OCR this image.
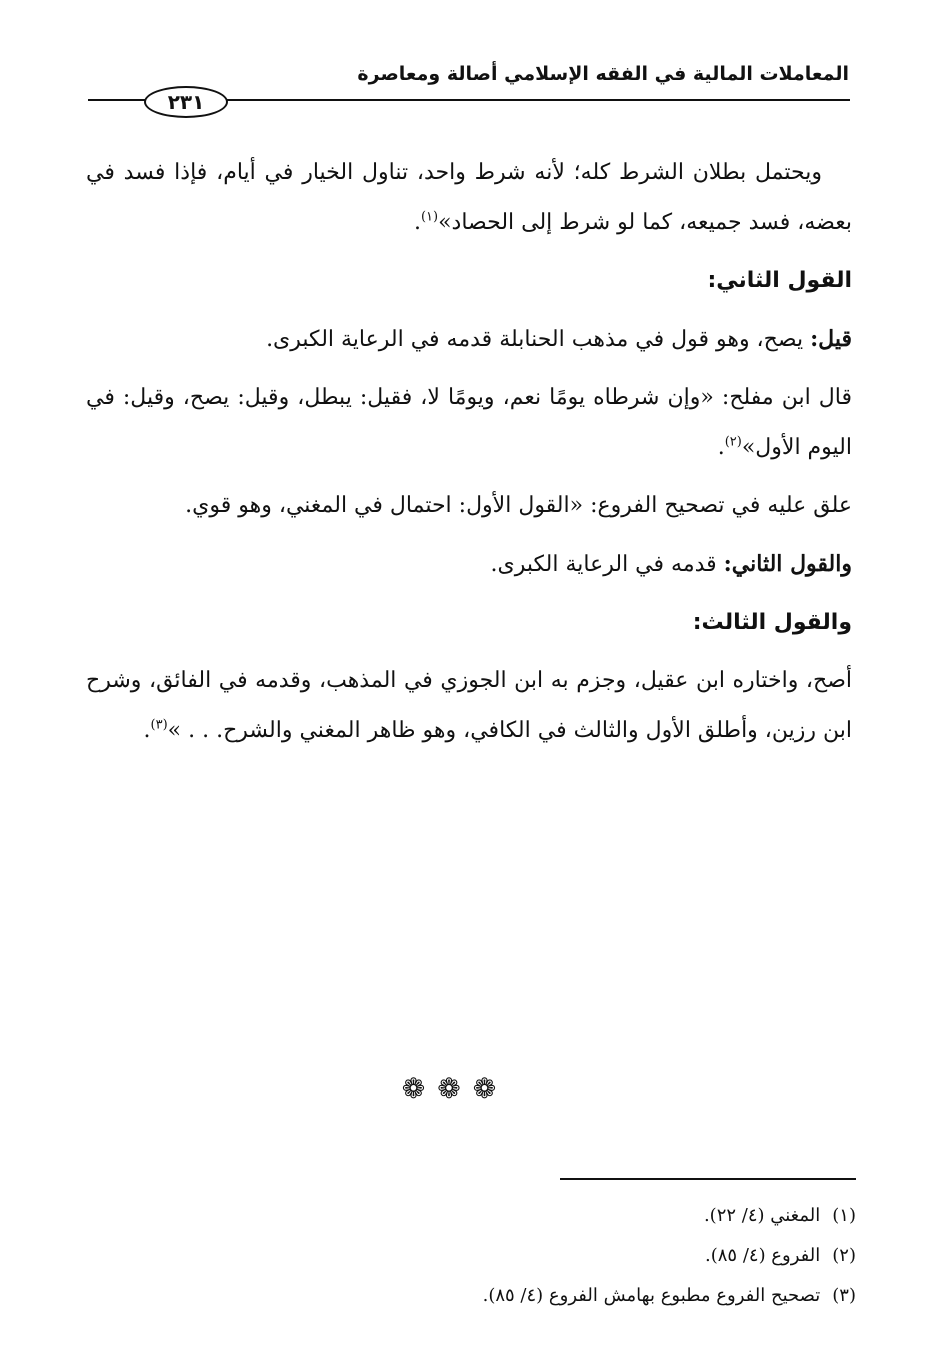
المعاملات المالية في الفقه الإسلامي أصالة ومعاصرة
٢٣١

ويحتمل بطلان الشرط كله؛ لأنه شرط واحد، تناول الخيار في أيام، فإذا فسد في بعضه، فسد جميعه، كما لو شرط إلى الحصاد»$^{(١)}$.

القول الثاني:

قيل: يصح، وهو قول في مذهب الحنابلة قدمه في الرعاية الكبرى.

قال ابن مفلح: «وإن شرطاه يومًا نعم، ويومًا لا، فقيل: يبطل، وقيل: يصح، وقيل: في اليوم الأول»$^{(٢)}$.

علق عليه في تصحيح الفروع: «القول الأول: احتمال في المغني، وهو قوي.

والقول الثاني: قدمه في الرعاية الكبرى.

والقول الثالث:

أصح، واختاره ابن عقيل، وجزم به ابن الجوزي في المذهب، وقدمه في الفائق، وشرح ابن رزين، وأطلق الأول والثالث في الكافي، وهو ظاهر المغني والشرح. . . »$^{(٣)}$.

❁❁❁
(١)المغني (٤/ ٢٢).
(٢)الفروع (٤/ ٨٥).
(٣)تصحيح الفروع مطبوع بهامش الفروع (٤/ ٨٥).
